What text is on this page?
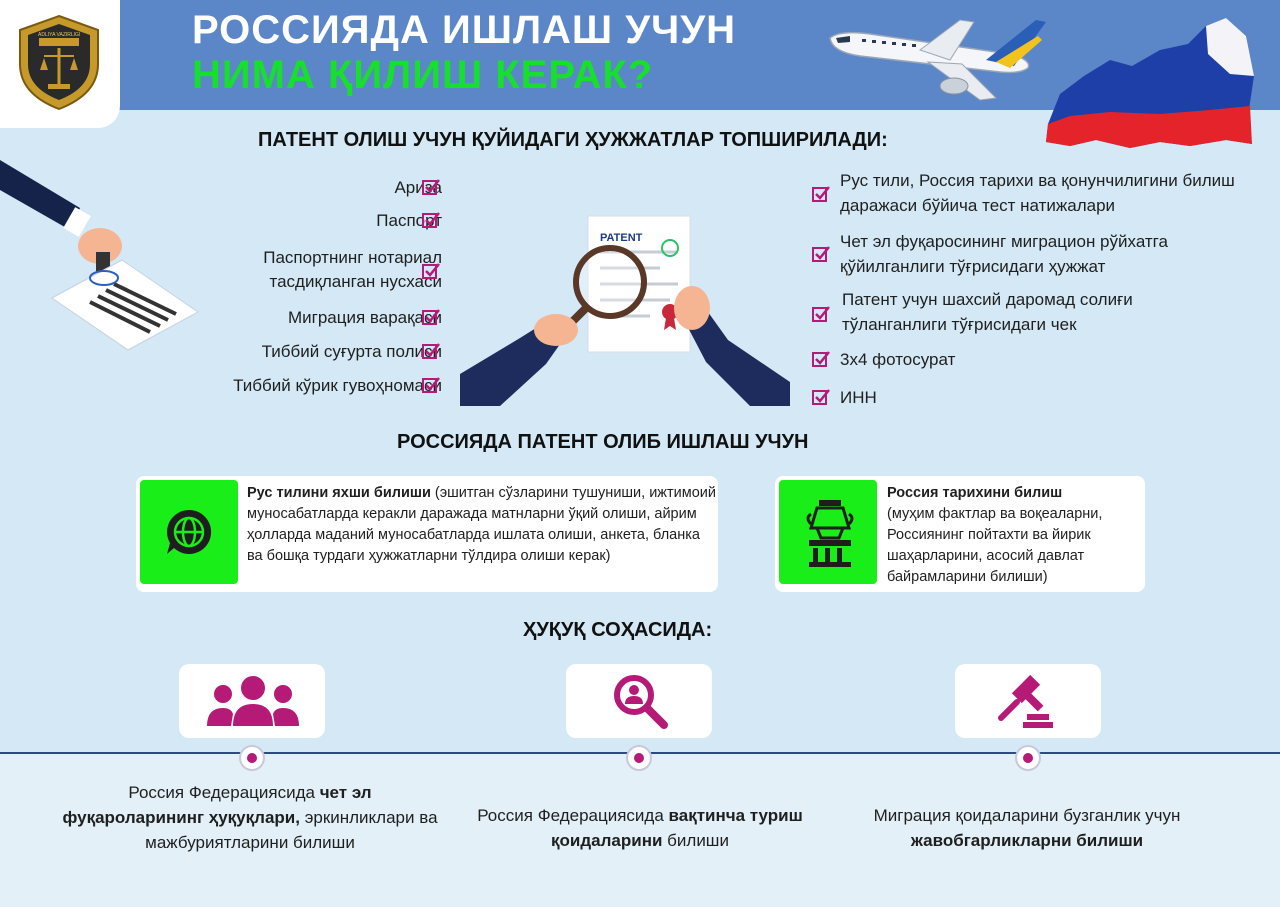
ADLIYA VAZIRLIGI	РОССИЯДА ИШЛАШ УЧУН
НИМА ҚИЛИШ КЕРАК?
ПАТЕНТ ОЛИШ УЧУН ҚУЙИДАГИ ҲУЖЖАТЛАР ТОПШИРИЛАДИ:

Ариза

Паспорт

Паспортнинг нотариал тасдиқланган нусхаси

Миграция варақаси

Тиббий суғурта полиси

Тиббий кўрик гувоҳномаси

PATENT

Рус тили, Россия тарихи ва қонунчилигини билиш даражаси бўйича тест натижалари

Чет эл фуқаросининг миграцион рўйхатга қўйилганлиги тўғрисидаги ҳужжат

Патент учун шахсий даромад солиғи тўланганлиги тўғрисидаги чек

3х4 фотосурат

ИНН

РОССИЯДА ПАТЕНТ ОЛИБ ИШЛАШ УЧУН

Рус тилини яхши билиши (эшитган сўзларини тушуниши, ижтимоий муносабатларда керакли даражада матнларни ўқий олиши, айрим ҳолларда маданий муносабатларда ишлата олиши, анкета, бланка ва бошқа турдаги ҳужжатларни тўлдира олиши керак)

Россия тарихини билиш
(муҳим фактлар ва воқеаларни, Россиянинг пойтахти ва йирик шаҳарларини, асосий давлат байрамларини билиши)

ҲУҚУҚ СОҲАСИДА:

Россия Федерациясида чет эл фуқароларининг ҳуқуқлари, эркинликлари ва мажбуриятларини билиши

Россия Федерациясида вақтинча туриш қоидаларини билиши

Миграция қоидаларини бузганлик учун жавобгарликларни билиши
